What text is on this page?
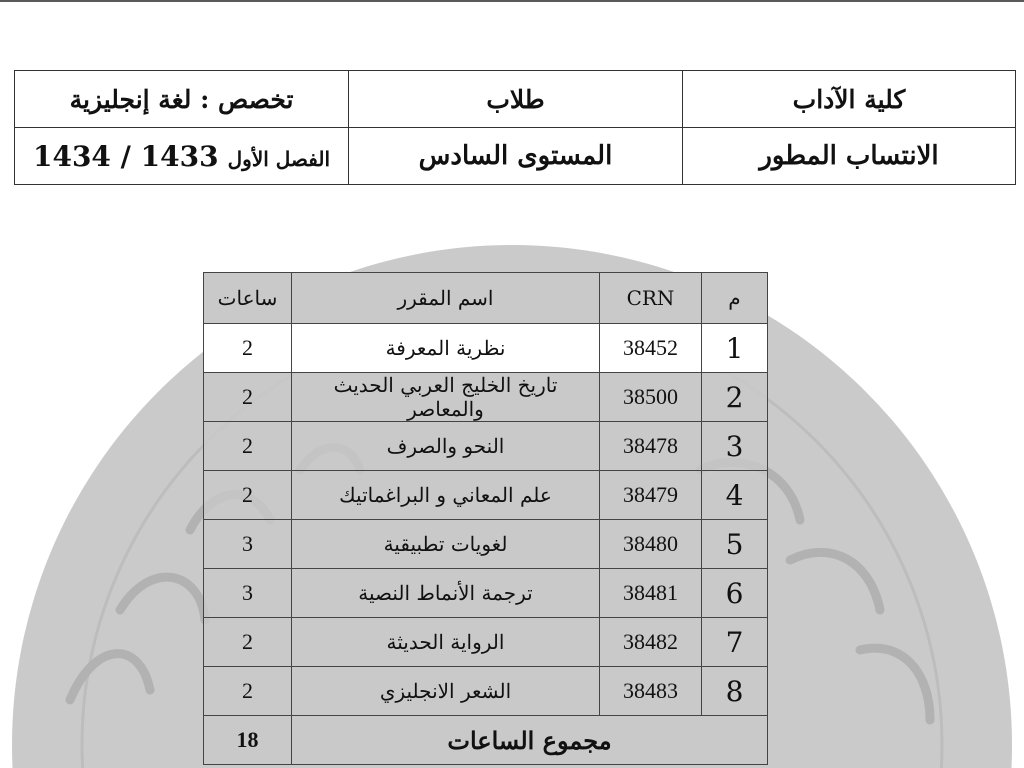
كلية الآداب	طلاب	تخصص : لغة إنجليزية
الانتساب المطور	المستوى السادس	الفصل الأول 1434 / 1433
م	CRN	اسم المقرر	ساعات
1	38452	نظرية المعرفة	2
2	38500	تاريخ الخليج العربي الحديث والمعاصر	2
3	38478	النحو والصرف	2
4	38479	علم المعاني و البراغماتيك	2
5	38480	لغويات تطبيقية	3
6	38481	ترجمة الأنماط النصية	3
7	38482	الرواية الحديثة	2
8	38483	الشعر الانجليزي	2
مجموع الساعات			18
